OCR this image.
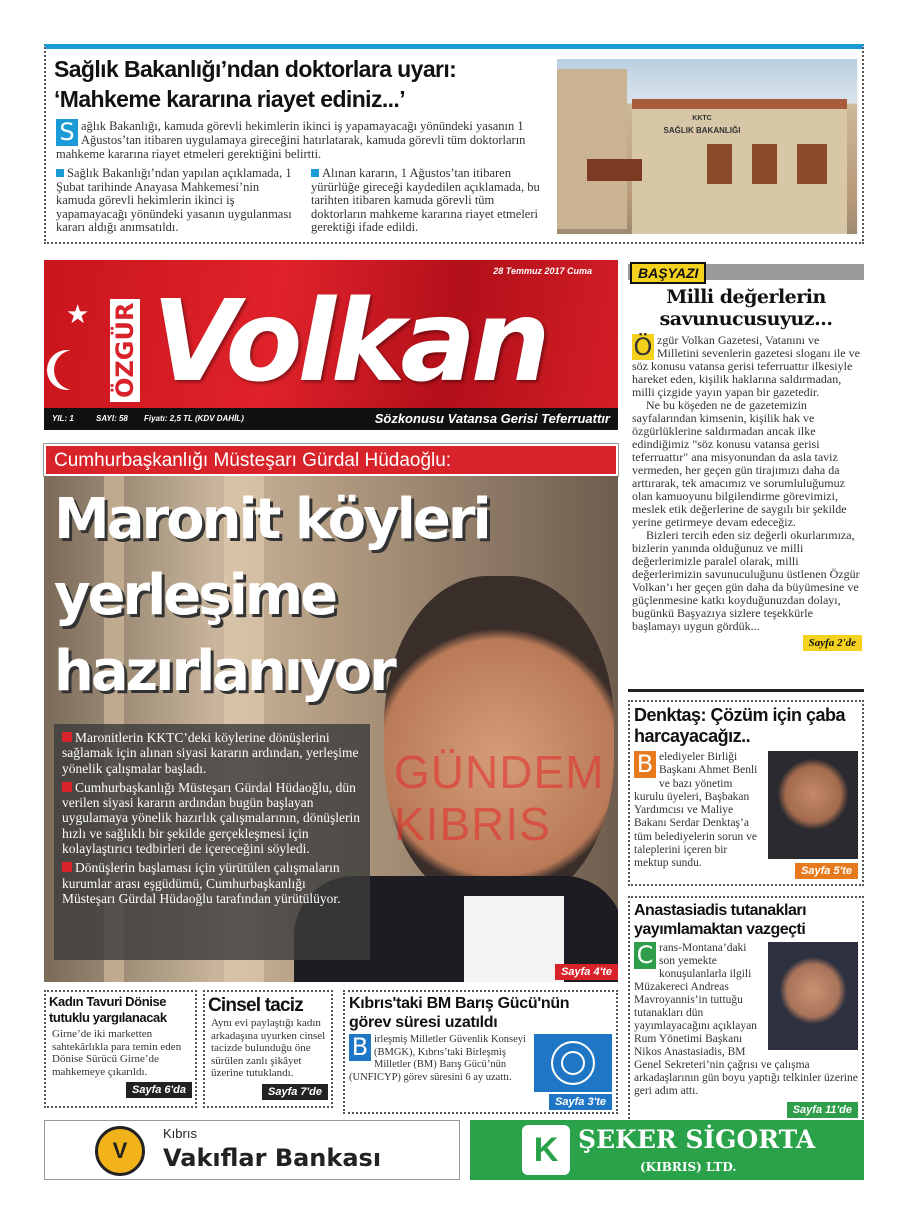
Sağlık Bakanlığı’ndan doktorlara uyarı:
‘Mahkeme kararına riayet ediniz...’
S ağlık Bakanlığı, kamuda görevli hekimlerin ikinci iş yapamayacağı yönündeki yasanın 1 Ağustos’tan itibaren uygulamaya gireceğini hatırlatarak, kamuda görevli tüm doktorların mahkeme kararına riayet etmeleri gerektiğini belirtti.
Sağlık Bakanlığı’ndan yapılan açıklamada, 1 Şubat tarihinde Anayasa Mahkemesi’nin kamuda görevli hekimlerin ikinci iş yapamayacağı yönündeki yasanın uygulanması kararı aldığı anımsatıldı.
Alınan kararın, 1 Ağustos’tan itibaren yürürlüğe gireceği kaydedilen açıklamada, bu tarihten itibaren kamuda görevli tüm doktorların mahkeme kararına riayet etmeleri gerektiği ifade edildi.
KKTC
SAĞLIK BAKANLIĞI
★ ÖZGÜR Volkan
28 Temmuz 2017 Cuma
YIL: 1	SAYI: 58 Fiyatı: 2,5 TL (KDV DAHİL)	Sözkonusu Vatansa Gerisi Teferruattır
Cumhurbaşkanlığı Müsteşarı Gürdal Hüdaoğlu:
Maronit köyleri
yerleşime
hazırlanıyor

Maronitlerin KKTC’deki köylerine dönüşlerini sağlamak için alınan siyasi kararın ardından, yerleşime yönelik çalışmalar başladı.

Cumhurbaşkanlığı Müsteşarı Gürdal Hüdaoğlu, dün verilen siyasi kararın ardından bugün başlayan uygulamaya yönelik hazırlık çalışmalarının, dönüşlerin hızlı ve sağlıklı bir şekilde gerçekleşmesi için kolaylaştırıcı tedbirleri de içereceğini söyledi.

Dönüşlerin başlaması için yürütülen çalışmaların kurumlar arası eşgüdümü, Cumhurbaşkanlığı Müsteşarı Gürdal Hüdaoğlu tarafından yürütülüyor.

GÜNDEM KIBRIS
Sayfa 4'te
BAŞYAZI
Milli değerlerin savunucusuyuz...

Ö zgür Volkan Gazetesi, Vatanını ve Milletini sevenlerin gazetesi sloganı ile ve söz konusu vatansa gerisi teferruattır ilkesiyle hareket eden, kişilik haklarına saldırmadan, milli çizgide yayın yapan bir gazetedir.

Ne bu köşeden ne de gazetemizin sayfalarından kimsenin, kişilik hak ve özgürlüklerine saldırmadan ancak ilke edindiğimiz "söz konusu vatansa gerisi teferruattır" ana misyonundan da asla taviz vermeden, her geçen gün tirajımızı daha da arttırarak, tek amacımız ve sorumluluğumuz olan kamuoyunu bilgilendirme görevimizi, meslek etik değerlerine de saygılı bir şekilde yerine getirmeye devam edeceğiz.

Bizleri tercih eden siz değerli okurlarımıza, bizlerin yanında olduğunuz ve milli değerlerimizle paralel olarak, milli değerlerimizin savunuculuğunu üstlenen Özgür Volkan’ı her geçen gün daha da büyümesine ve güçlenmesine katkı koyduğunuzdan dolayı, bugünkü Başyazıya sizlere teşekkürle başlamayı uygun gördük...

Sayfa 2'de
Denktaş: Çözüm için çaba harcayacağız..
B elediyeler Birliği Başkanı Ahmet Benli ve bazı yönetim kurulu üyeleri, Başbakan Yardımcısı ve Maliye Bakanı Serdar Denktaş’a tüm belediyelerin sorun ve taleplerini içeren bir mektup sundu.
Sayfa 5'te
Anastasiadis tutanakları yayımlamaktan vazgeçti
C rans-Montana’daki son yemekte konuşulanlarla ilgili Müzakereci Andreas Mavroyannis’in tuttuğu tutanakları dün yayımlayacağını açıklayan Rum Yönetimi Başkanı Nikos Anastasiadis, BM Genel Sekreteri’nin çağrısı ve çalışma arkadaşlarının gün boyu yaptığı telkinler üzerine geri adım attı.
Sayfa 11'de
Kadın Tavuri Dönise tutuklu yargılanacak
Girne’de iki marketten sahtekârlıkla para temin eden Dönise Sürücü Girne’de mahkemeye çıkarıldı.
Sayfa 6'da
Cinsel taciz
Aynı evi paylaştığı kadın arkadaşına uyurken cinsel tacizde bulunduğu öne sürülen zanlı şikâyet üzerine tutuklandı.
Sayfa 7'de
Kıbrıs'taki BM Barış Gücü'nün görev süresi uzatıldı
B irleşmiş Milletler Güvenlik Konseyi (BMGK), Kıbrıs’taki Birleşmiş Milletler (BM) Barış Gücü’nün (UNFICYP) görev süresini 6 ay uzattı.
Sayfa 3'te
V
Kıbrıs
Vakıflar Bankası	K ŞEKER SİGORTA
(KIBRIS) LTD.
